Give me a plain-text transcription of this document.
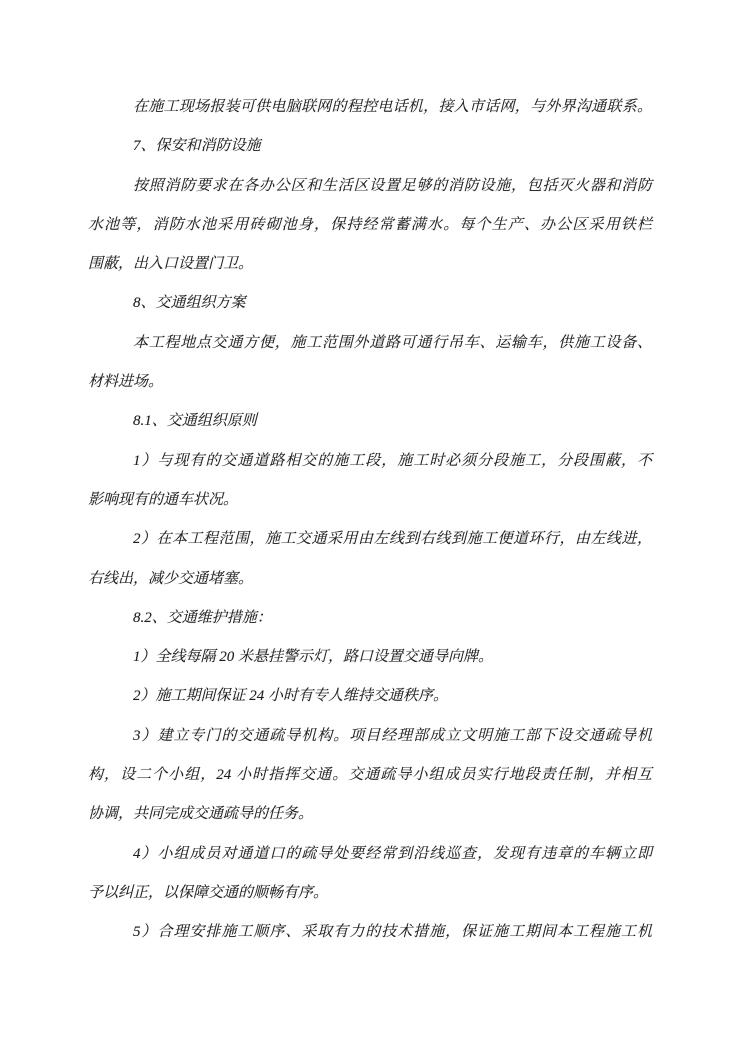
在施工现场报装可供电脑联网的程控电话机，接入市话网，与外界沟通联系。
7、保安和消防设施
按照消防要求在各办公区和生活区设置足够的消防设施，包括灭火器和消防
水池等，消防水池采用砖砌池身，保持经常蓄满水。每个生产、办公区采用铁栏
围蔽，出入口设置门卫。
8、交通组织方案
本工程地点交通方便，施工范围外道路可通行吊车、运输车，供施工设备、
材料进场。
8.1、交通组织原则
1）与现有的交通道路相交的施工段，施工时必须分段施工，分段围蔽，不
影响现有的通车状况。
2）在本工程范围，施工交通采用由左线到右线到施工便道环行，由左线进，
右线出，减少交通堵塞。
8.2、交通维护措施：
1）全线每隔 20 米悬挂警示灯，路口设置交通导向牌。
2）施工期间保证 24 小时有专人维持交通秩序。
3）建立专门的交通疏导机构。项目经理部成立文明施工部下设交通疏导机
构，设二个小组，24 小时指挥交通。交通疏导小组成员实行地段责任制，并相互
协调，共同完成交通疏导的任务。
4）小组成员对通道口的疏导处要经常到沿线巡查，发现有违章的车辆立即
予以纠正，以保障交通的顺畅有序。
5）合理安排施工顺序、采取有力的技术措施，保证施工期间本工程施工机
